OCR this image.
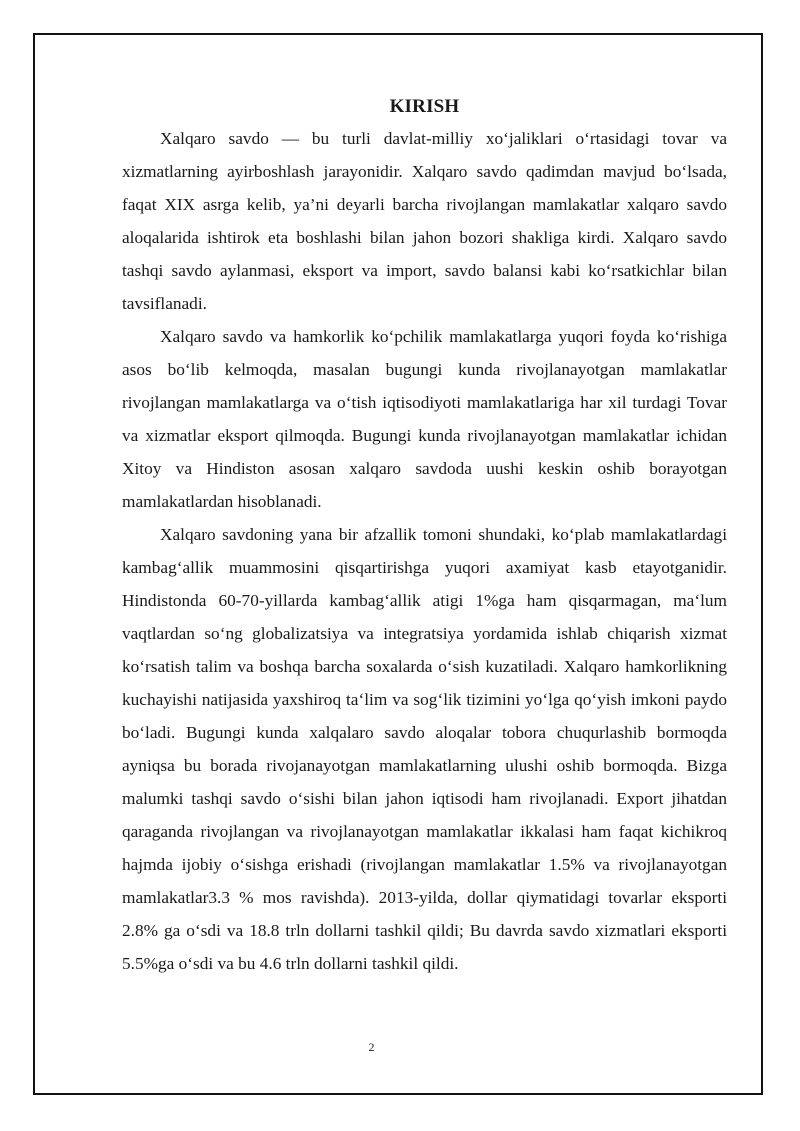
KIRISH

Xalqaro savdo — bu turli davlat-milliy xo‘jaliklari o‘rtasidagi tovar va xizmatlarning ayirboshlash jarayonidir. Xalqaro savdo qadimdan mavjud bo‘lsada, faqat XIX asrga kelib, ya’ni deyarli barcha rivojlangan mamlakatlar xalqaro savdo aloqalarida ishtirok eta boshlashi bilan jahon bozori shakliga kirdi. Xalqaro savdo tashqi savdo aylanmasi, eksport va import, savdo balansi kabi ko‘rsatkichlar bilan tavsiflanadi.

Xalqaro savdo va hamkorlik ko‘pchilik mamlakatlarga yuqori foyda ko‘rishiga asos bo‘lib kelmoqda, masalan bugungi kunda rivojlanayotgan mamlakatlar rivojlangan mamlakatlarga va o‘tish iqtisodiyoti mamlakatlariga har xil turdagi Tovar va xizmatlar eksport qilmoqda. Bugungi kunda rivojlanayotgan mamlakatlar ichidan Xitoy va Hindiston asosan xalqaro savdoda uushi keskin oshib borayotgan mamlakatlardan hisoblanadi.

Xalqaro savdoning yana bir afzallik tomoni shundaki, ko‘plab mamlakatlardagi kambag‘allik muammosini qisqartirishga yuqori axamiyat kasb etayotganidir. Hindistonda 60-70-yillarda kambag‘allik atigi 1%ga ham qisqarmagan, ma‘lum vaqtlardan so‘ng globalizatsiya va integratsiya yordamida ishlab chiqarish xizmat ko‘rsatish talim va boshqa barcha soxalarda o‘sish kuzatiladi. Xalqaro hamkorlikning kuchayishi natijasida yaxshiroq ta‘lim va sog‘lik tizimini yo‘lga qo‘yish imkoni paydo bo‘ladi. Bugungi kunda xalqalaro savdo aloqalar tobora chuqurlashib bormoqda ayniqsa bu borada rivojanayotgan mamlakatlarning ulushi oshib bormoqda. Bizga malumki tashqi savdo o‘sishi bilan jahon iqtisodi ham rivojlanadi. Export jihatdan qaraganda rivojlangan va rivojlanayotgan mamlakatlar ikkalasi ham faqat kichikroq hajmda ijobiy o‘sishga erishadi (rivojlangan mamlakatlar 1.5% va rivojlanayotgan mamlakatlar3.3 % mos ravishda). 2013-yilda, dollar qiymatidagi tovarlar eksporti 2.8% ga o‘sdi va 18.8 trln dollarni tashkil qildi; Bu davrda savdo xizmatlari eksporti 5.5%ga o‘sdi va bu 4.6 trln dollarni tashkil qildi.

2
